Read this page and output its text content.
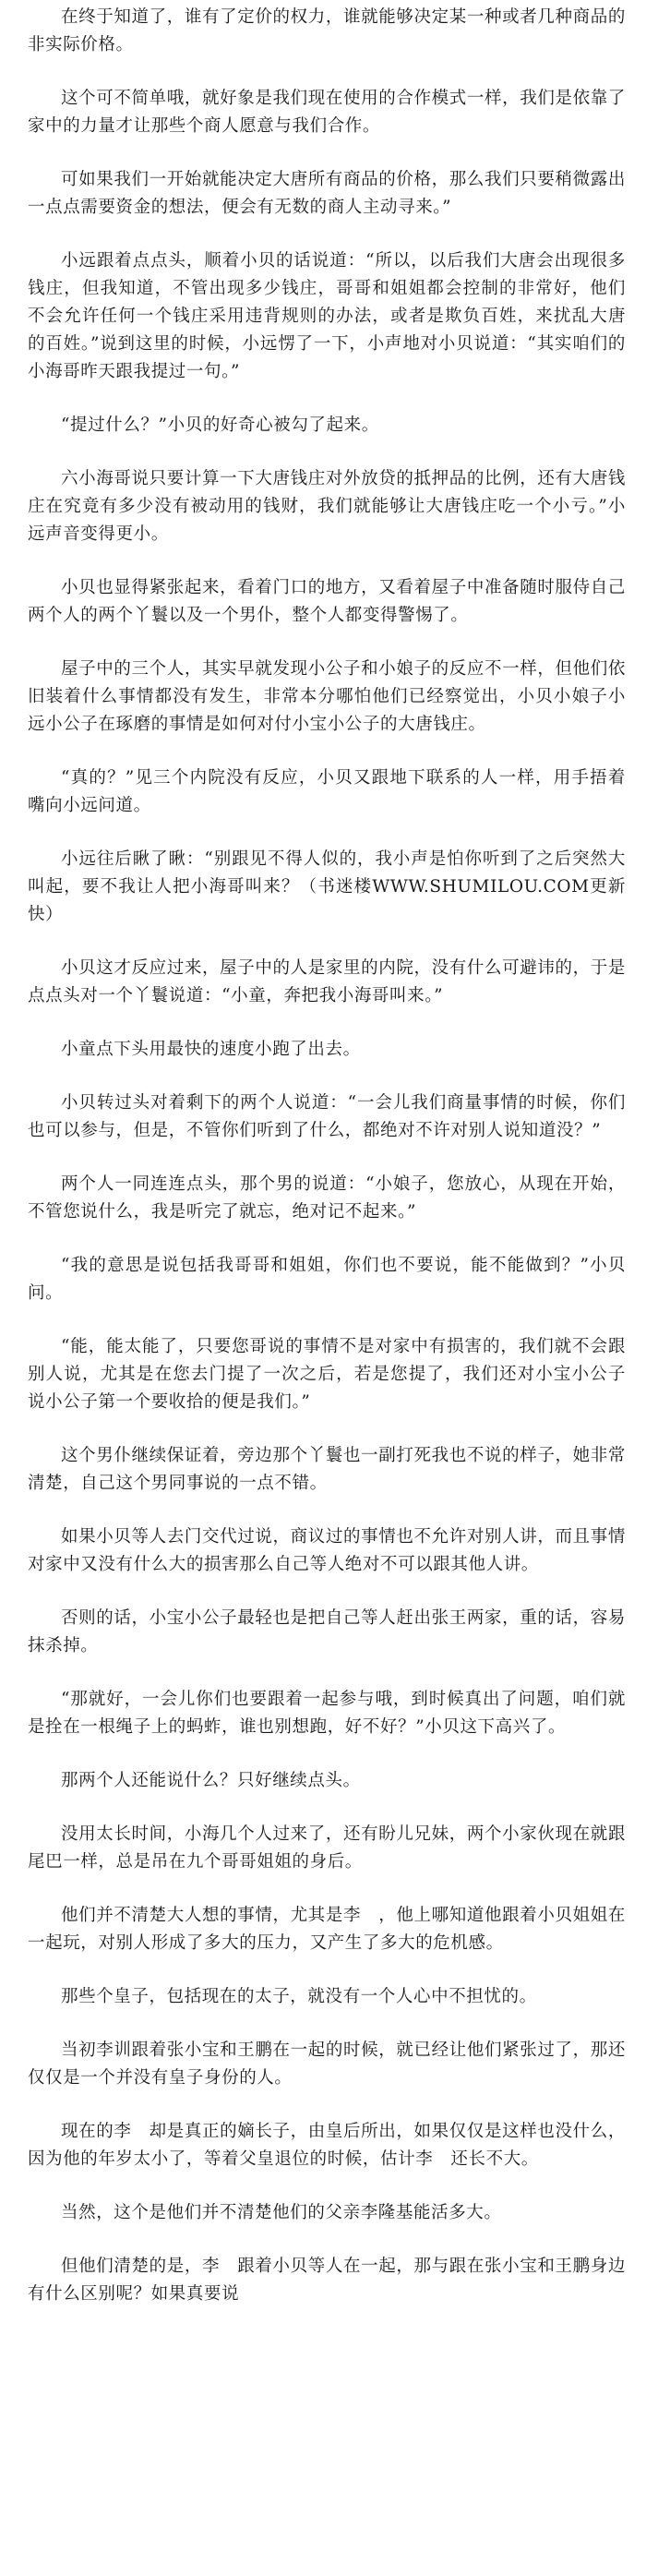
在终于知道了，谁有了定价的权力，谁就能够决定某一种或者几种商品的非实际价格。

这个可不简单哦，就好象是我们现在使用的合作模式一样，我们是依靠了家中的力量才让那些个商人愿意与我们合作。

可如果我们一开始就能决定大唐所有商品的价格，那么我们只要稍微露出一点点需要资金的想法，便会有无数的商人主动寻来。”

小远跟着点点头，顺着小贝的话说道：“所以，以后我们大唐会出现很多钱庄，但我知道，不管出现多少钱庄，哥哥和姐姐都会控制的非常好，他们不会允许任何一个钱庄采用违背规则的办法，或者是欺负百姓，来扰乱大唐的百姓。”说到这里的时候，小远愣了一下，小声地对小贝说道：“其实咱们的小海哥昨天跟我提过一句。”

“提过什么？”小贝的好奇心被勾了起来。

六小海哥说只要计算一下大唐钱庄对外放贷的抵押品的比例，还有大唐钱庄在究竟有多少没有被动用的钱财，我们就能够让大唐钱庄吃一个小亏。”小远声音变得更小。

小贝也显得紧张起来，看着门口的地方，又看着屋子中准备随时服侍自己两个人的两个丫鬟以及一个男仆，整个人都变得警惕了。

屋子中的三个人，其实早就发现小公子和小娘子的反应不一样，但他们依旧装着什么事情都没有发生，非常本分哪怕他们已经察觉出，小贝小娘子小远小公子在琢磨的事情是如何对付小宝小公子的大唐钱庄。

“真的？”见三个内院没有反应，小贝又跟地下联系的人一样，用手捂着嘴向小远问道。

小远往后瞅了瞅：“别跟见不得人似的，我小声是怕你听到了之后突然大叫起，要不我让人把小海哥叫来？（书迷楼WWW.SHUMILOU.COM更新快）

小贝这才反应过来，屋子中的人是家里的内院，没有什么可避讳的，于是点点头对一个丫鬟说道：“小童，奔把我小海哥叫来。”

小童点下头用最快的速度小跑了出去。

小贝转过头对着剩下的两个人说道：“一会儿我们商量事情的时候，你们也可以参与，但是，不管你们听到了什么，都绝对不许对别人说知道没？”

两个人一同连连点头，那个男的说道：“小娘子，您放心，从现在开始，不管您说什么，我是听完了就忘，绝对记不起来。”

“我的意思是说包括我哥哥和姐姐，你们也不要说，能不能做到？”小贝问。

“能，能太能了，只要您哥说的事情不是对家中有损害的，我们就不会跟别人说，尤其是在您去门提了一次之后，若是您提了，我们还对小宝小公子说小公子第一个要收拾的便是我们。”

这个男仆继续保证着，旁边那个丫鬟也一副打死我也不说的样子，她非常清楚，自己这个男同事说的一点不错。

如果小贝等人去门交代过说，商议过的事情也不允许对别人讲，而且事情对家中又没有什么大的损害那么自己等人绝对不可以跟其他人讲。

否则的话，小宝小公子最轻也是把自己等人赶出张王两家，重的话，容易抹杀掉。

“那就好，一会儿你们也要跟着一起参与哦，到时候真出了问题，咱们就是拴在一根绳子上的蚂蚱，谁也别想跑，好不好？”小贝这下高兴了。

那两个人还能说什么？只好继续点头。

没用太长时间，小海几个人过来了，还有盼儿兄妹，两个小家伙现在就跟尾巴一样，总是吊在九个哥哥姐姐的身后。

他们并不清楚大人想的事情，尤其是李　，他上哪知道他跟着小贝姐姐在一起玩，对别人形成了多大的压力，又产生了多大的危机感。

那些个皇子，包括现在的太子，就没有一个人心中不担忧的。

当初李训跟着张小宝和王鹏在一起的时候，就已经让他们紧张过了，那还仅仅是一个并没有皇子身份的人。

现在的李　却是真正的嫡长子，由皇后所出，如果仅仅是这样也没什么，因为他的年岁太小了，等着父皇退位的时候，估计李　还长不大。

当然，这个是他们并不清楚他们的父亲李隆基能活多大。

但他们清楚的是，李　跟着小贝等人在一起，那与跟在张小宝和王鹏身边有什么区别呢？如果真要说
